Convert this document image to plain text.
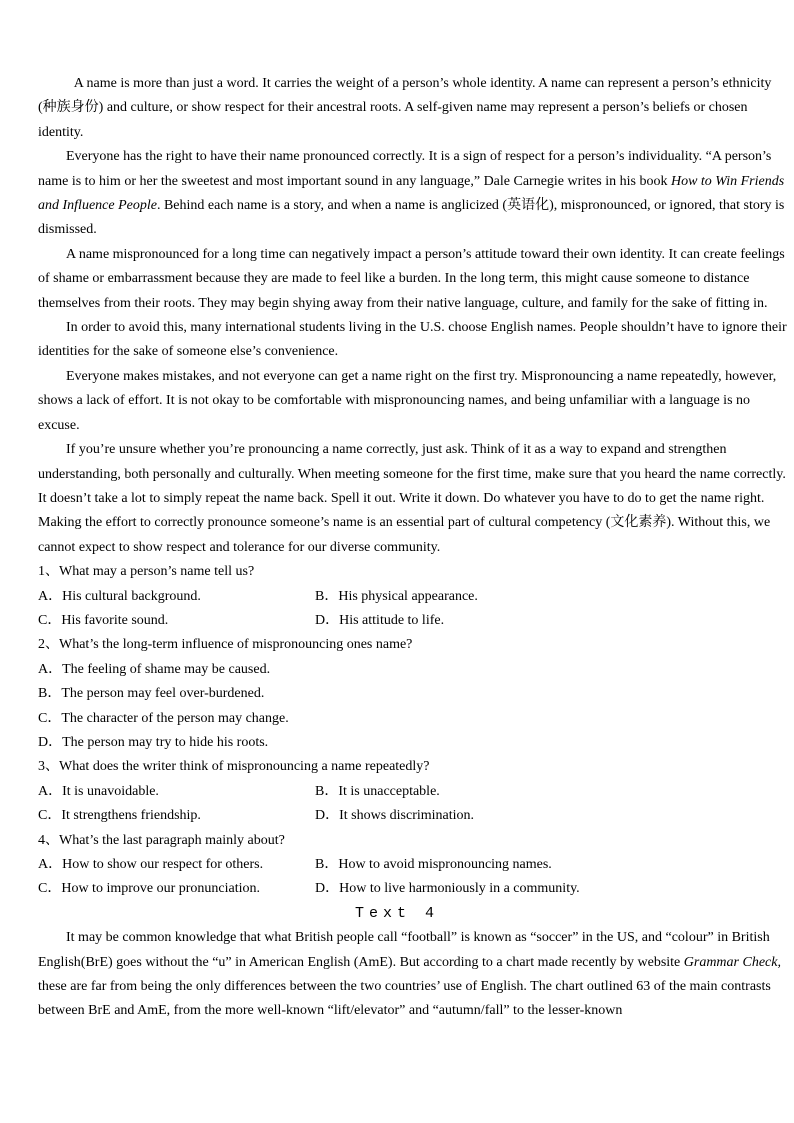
A name is more than just a word. It carries the weight of a person’s whole identity. A name can represent a person’s ethnicity (种族身份) and culture, or show respect for their ancestral roots. A self-given name may represent a person’s beliefs or chosen identity.

Everyone has the right to have their name pronounced correctly. It is a sign of respect for a person’s individuality. “A person’s name is to him or her the sweetest and most important sound in any language,” Dale Carnegie writes in his book How to Win Friends and Influence People. Behind each name is a story, and when a name is anglicized (英语化), mispronounced, or ignored, that story is dismissed.

A name mispronounced for a long time can negatively impact a person’s attitude toward their own identity. It can create feelings of shame or embarrassment because they are made to feel like a burden. In the long term, this might cause someone to distance themselves from their roots. They may begin shying away from their native language, culture, and family for the sake of fitting in.

In order to avoid this, many international students living in the U.S. choose English names. People shouldn’t have to ignore their identities for the sake of someone else’s convenience.

Everyone makes mistakes, and not everyone can get a name right on the first try. Mispronouncing a name repeatedly, however, shows a lack of effort. It is not okay to be comfortable with mispronouncing names, and being unfamiliar with a language is no excuse.

If you’re unsure whether you’re pronouncing a name correctly, just ask. Think of it as a way to expand and strengthen understanding, both personally and culturally. When meeting someone for the first time, make sure that you heard the name correctly. It doesn’t take a lot to simply repeat the name back. Spell it out. Write it down. Do whatever you have to do to get the name right. Making the effort to correctly pronounce someone’s name is an essential part of cultural competency (文化素养). Without this, we cannot expect to show respect and tolerance for our diverse community.

1、What may a person’s name tell us?
A．His cultural background.	B．His physical appearance.
C．His favorite sound.	D．His attitude to life.
2、What’s the long-term influence of mispronouncing ones name?
A．The feeling of shame may be caused.
B．The person may feel over-burdened.
C．The character of the person may change.
D．The person may try to hide his roots.
3、What does the writer think of mispronouncing a name repeatedly?
A．It is unavoidable.	B．It is unacceptable.
C．It strengthens friendship.	D．It shows discrimination.
4、What’s the last paragraph mainly about?
A．How to show our respect for others.	B．How to avoid mispronouncing names.
C．How to improve our pronunciation.	D．How to live harmoniously in a community.
Text 4

It may be common knowledge that what British people call “football” is known as “soccer” in the US, and “colour” in British English(BrE) goes without the “u” in American English (AmE). But according to a chart made recently by website Grammar Check, these are far from being the only differences between the two countries’ use of English. The chart outlined 63 of the main contrasts between BrE and AmE, from the more well-known “lift/elevator” and “autumn/fall” to the lesser-known
